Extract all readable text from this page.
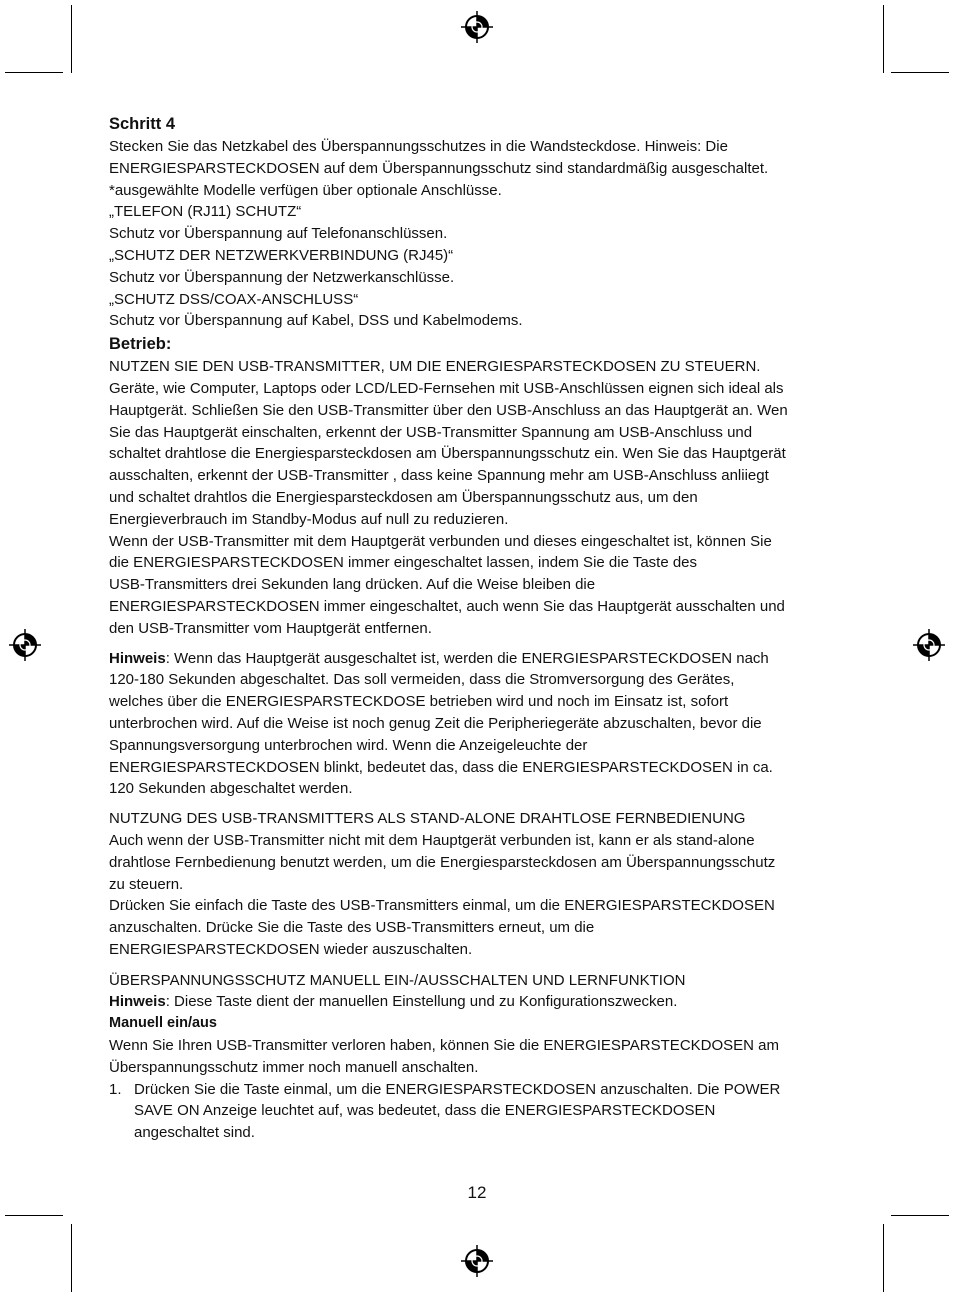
Schritt 4

Stecken Sie das Netzkabel des Überspannungsschutzes in die Wandsteckdose. Hinweis: Die

ENERGIESPARSTECKDOSEN auf dem Überspannungsschutz sind standardmäßig ausgeschaltet.

*ausgewählte Modelle verfügen über optionale Anschlüsse.

„TELEFON (RJ11) SCHUTZ“

Schutz vor Überspannung auf Telefonanschlüssen.

„SCHUTZ DER NETZWERKVERBINDUNG (RJ45)“

Schutz vor Überspannung der Netzwerkanschlüsse.

„SCHUTZ DSS/COAX-ANSCHLUSS“

Schutz vor Überspannung auf Kabel, DSS und Kabelmodems.

Betrieb:

NUTZEN SIE DEN USB-TRANSMITTER, UM DIE ENERGIESPARSTECKDOSEN ZU STEUERN.

Geräte, wie Computer, Laptops oder LCD/LED-Fernsehen mit USB-Anschlüssen eignen sich ideal als

Hauptgerät. Schließen Sie den USB-Transmitter über den USB-Anschluss an das Hauptgerät an. Wen

Sie das Hauptgerät einschalten, erkennt der USB-Transmitter Spannung am USB-Anschluss und

schaltet drahtlose die Energiesparsteckdosen am Überspannungsschutz ein. Wen Sie das Hauptgerät

ausschalten, erkennt der USB-Transmitter , dass keine Spannung mehr am USB-Anschluss anliiegt

und schaltet drahtlos die Energiesparsteckdosen am Überspannungsschutz aus, um den

Energieverbrauch im Standby-Modus auf null zu reduzieren.

Wenn der USB-Transmitter mit dem Hauptgerät verbunden und dieses eingeschaltet ist, können Sie

die ENERGIESPARSTECKDOSEN immer eingeschaltet lassen, indem Sie die Taste des

USB-Transmitters drei Sekunden lang drücken. Auf die Weise bleiben die

ENERGIESPARSTECKDOSEN immer eingeschaltet, auch wenn Sie das Hauptgerät ausschalten und

den USB-Transmitter vom Hauptgerät entfernen.

Hinweis: Wenn das Hauptgerät ausgeschaltet ist, werden die ENERGIESPARSTECKDOSEN nach

120-180 Sekunden abgeschaltet. Das soll vermeiden, dass die Stromversorgung des Gerätes,

welches über die ENERGIESPARSTECKDOSE betrieben wird und noch im Einsatz ist, sofort

unterbrochen wird. Auf die Weise ist noch genug Zeit die Peripheriegeräte abzuschalten, bevor die

Spannungsversorgung unterbrochen wird. Wenn die Anzeigeleuchte der

ENERGIESPARSTECKDOSEN blinkt, bedeutet das, dass die ENERGIESPARSTECKDOSEN in ca.

120 Sekunden abgeschaltet werden.

NUTZUNG DES USB-TRANSMITTERS ALS STAND-ALONE DRAHTLOSE FERNBEDIENUNG

Auch wenn der USB-Transmitter nicht mit dem Hauptgerät verbunden ist, kann er als stand-alone

drahtlose Fernbedienung benutzt werden, um die Energiesparsteckdosen am Überspannungsschutz

zu steuern.

Drücken Sie einfach die Taste des USB-Transmitters einmal, um die ENERGIESPARSTECKDOSEN

anzuschalten. Drücke Sie die Taste des USB-Transmitters erneut, um die

ENERGIESPARSTECKDOSEN wieder auszuschalten.

ÜBERSPANNUNGSSCHUTZ MANUELL EIN-/AUSSCHALTEN UND LERNFUNKTION

Hinweis: Diese Taste dient der manuellen Einstellung und zu Konfigurationszwecken.

Manuell ein/aus

Wenn Sie Ihren USB-Transmitter verloren haben, können Sie die ENERGIESPARSTECKDOSEN am

Überspannungsschutz immer noch manuell anschalten.

1. Drücken Sie die Taste einmal, um die ENERGIESPARSTECKDOSEN anzuschalten. Die POWER

SAVE ON Anzeige leuchtet auf, was bedeutet, dass die ENERGIESPARSTECKDOSEN

angeschaltet sind.

12
